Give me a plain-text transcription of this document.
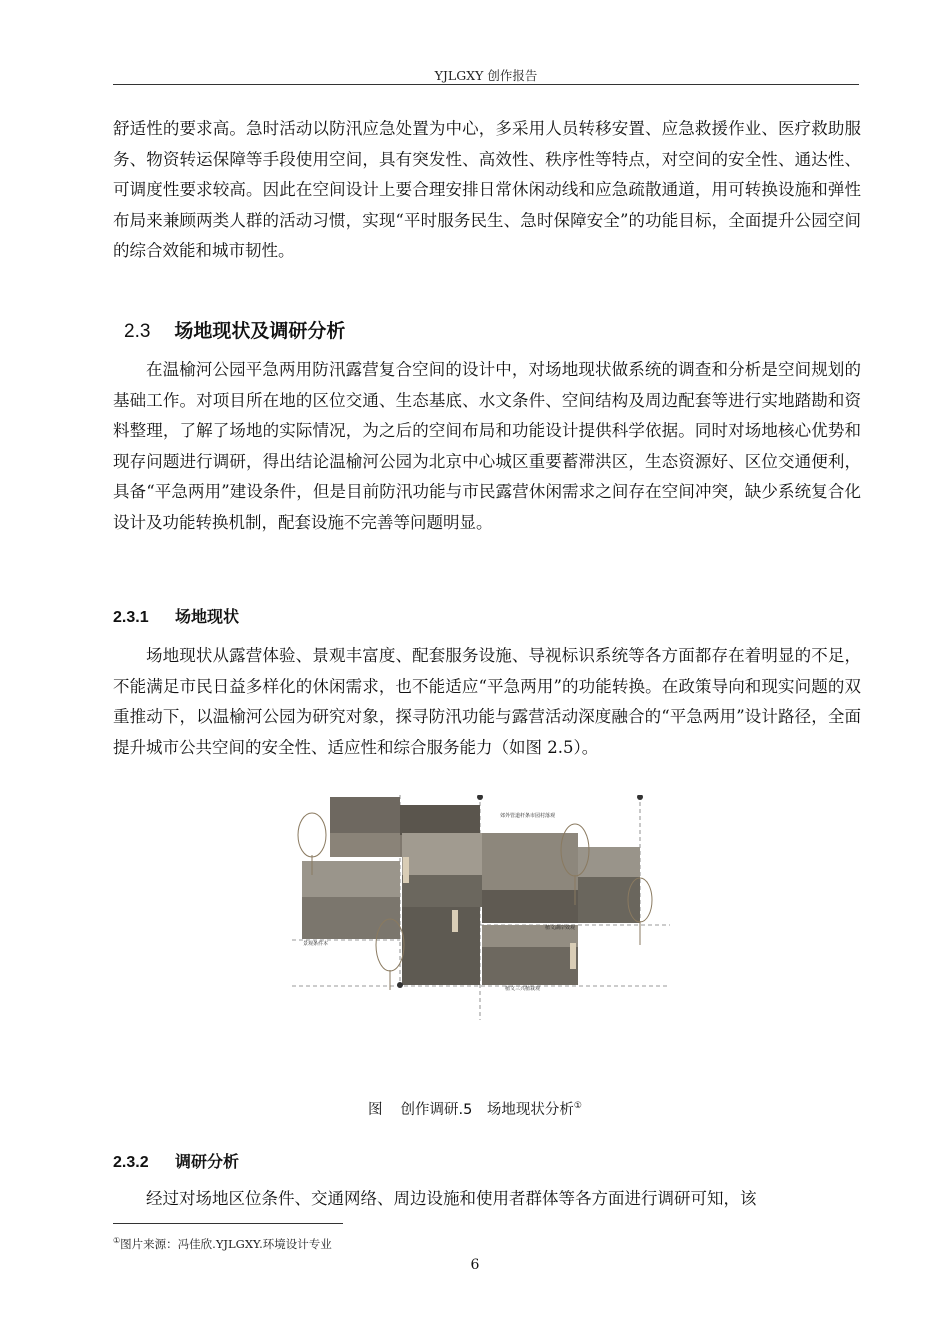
YJLGXY 创作报告

舒适性的要求高。急时活动以防汛应急处置为中心，多采用人员转移安置、应急救援作业、医疗救助服务、物资转运保障等手段使用空间，具有突发性、高效性、秩序性等特点，对空间的安全性、通达性、可调度性要求较高。因此在空间设计上要合理安排日常休闲动线和应急疏散通道，用可转换设施和弹性布局来兼顾两类人群的活动习惯，实现“平时服务民生、急时保障安全”的功能目标，全面提升公园空间的综合效能和城市韧性。

2.3 场地现状及调研分析

在温榆河公园平急两用防汛露营复合空间的设计中，对场地现状做系统的调查和分析是空间规划的基础工作。对项目所在地的区位交通、生态基底、水文条件、空间结构及周边配套等进行实地踏勘和资料整理，了解了场地的实际情况，为之后的空间布局和功能设计提供科学依据。同时对场地核心优势和现存问题进行调研，得出结论温榆河公园为北京中心城区重要蓄滞洪区，生态资源好、区位交通便利，具备“平急两用”建设条件，但是目前防汛功能与市民露营休闲需求之间存在空间冲突，缺少系统复合化设计及功能转换机制，配套设施不完善等问题明显。

2.3.1 场地现状

场地现状从露营体验、景观丰富度、配套服务设施、导视标识系统等各方面都存在着明显的不足，不能满足市民日益多样化的休闲需求，也不能适应“平急两用”的功能转换。在政策导向和现实问题的双重推动下，以温榆河公园为研究对象，探寻防汛功能与露营活动深度融合的“平急两用”设计路径，全面提升城市公共空间的安全性、适应性和综合服务能力（如图 2.5）。

郊外管道杆条市园村落观
景观条件本
植文湖岸效观
植文三兴植栽观
图 创作调研.5　场地现状分析①
2.3.2 调研分析

经过对场地区位条件、交通网络、周边设施和使用者群体等各方面进行调研可知，该

①图片来源：冯佳欣.YJLGXY.环境设计专业
6
